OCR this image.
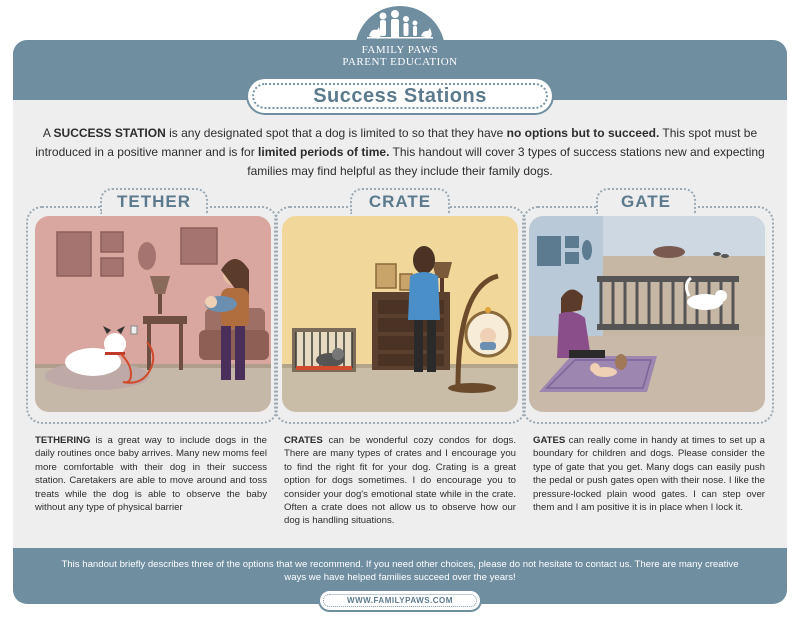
FAMILY PAWS
PARENT EDUCATION
Success Stations
A SUCCESS STATION is any designated spot that a dog is limited to so that they have no options but to succeed. This spot must be introduced in a positive manner and is for limited periods of time. This handout will cover 3 types of success stations new and expecting families may find helpful as they include their family dogs.
TETHER	CRATE	GATE
TETHERING is a great way to include dogs in the daily routines once baby arrives. Many new moms feel more comfortable with their dog in their success station. Caretakers are able to move around and toss treats while the dog is able to observe the baby without any type of physical barrier
CRATES can be wonderful cozy condos for dogs. There are many types of crates and I encourage you to find the right fit for your dog. Crating is a great option for dogs sometimes. I do encourage you to consider your dog's emotional state while in the crate. Often a crate does not allow us to observe how our dog is handling situations.
GATES can really come in handy at times to set up a boundary for children and dogs. Please consider the type of gate that you get. Many dogs can easily push the pedal or push gates open with their nose. I like the pressure-locked plain wood gates. I can step over them and I am positive it is in place when I lock it.
This handout briefly describes three of the options that we recommend. If you need other choices, please do not hesitate to contact us. There are many creative ways we have helped families succeed over the years!
WWW.FAMILYPAWS.COM
